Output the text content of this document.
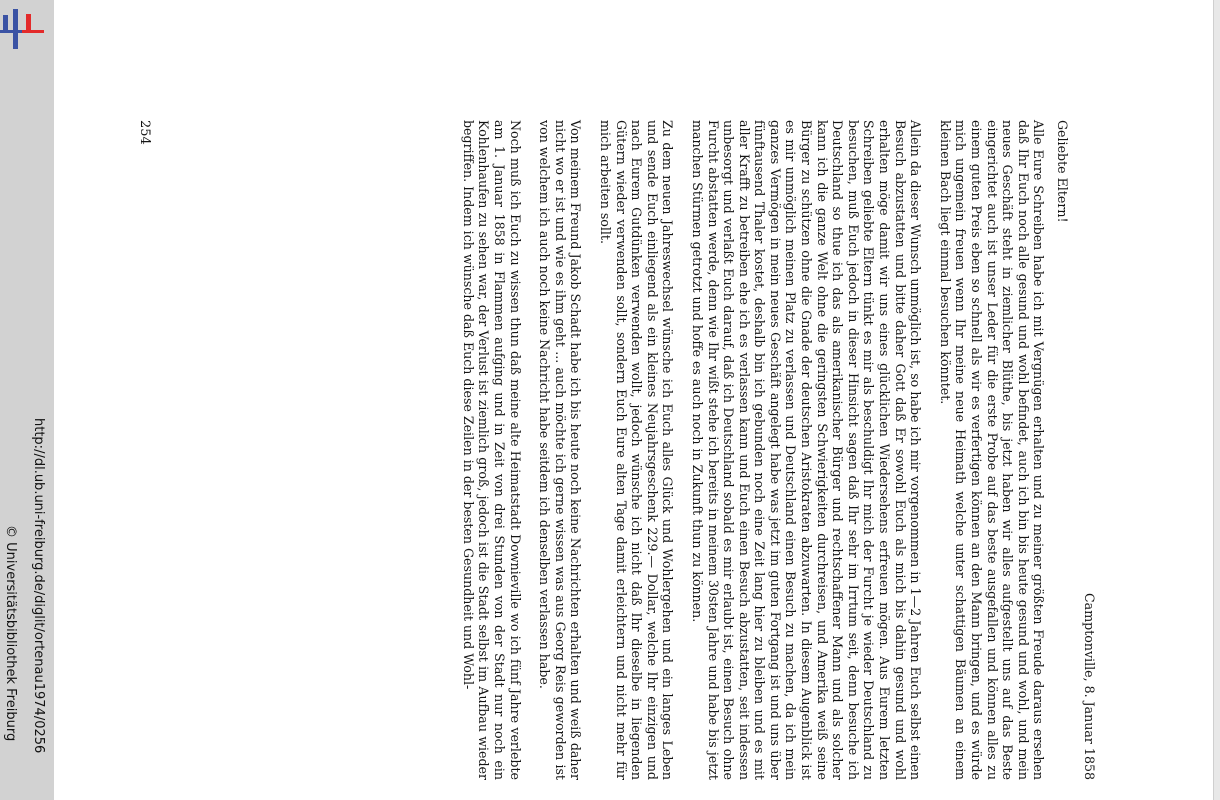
http://dl.ub.uni-freiburg.de/diglit/ortenau1974/0256
© Universitätsbibliothek Freiburg	Camptonville, 8. Januar 1858
Geliebte Eltern!

Alle Eure Schreiben habe ich mit Vergnügen erhalten und zu meiner größten Freude daraus ersehen daß Ihr Euch noch alle gesund und wohl befindet, auch ich bin bis heute gesund und wohl, und mein neues Geschäft steht in ziemlicher Blüthe, bis jetzt haben wir alles aufgestellt uns auf das Beste eingerichtet auch ist unser Leder für die erste Probe auf das beste ausgefallen und können alles zu einem guten Preis eben so schnell als wir es verfertigen können an den Mann bringen, und es würde mich ungemein freuen wenn Ihr meine neue Heimath welche unter schattigen Bäumen an einem kleinen Bach liegt einmal besuchen könntet.

Allein da dieser Wunsch unmöglich ist, so habe ich mir vorgenommen in 1—2 Jahren Euch selbst einen Besuch abzustatten und bitte daher Gott daß Er sowohl Euch als mich bis dahin gesund und wohl erhalten möge damit wir uns eines glücklichen Wiedersehens erfreuen mögen. Aus Eurem letzten Schreiben geliebte Eltern tünkt es mir als beschuldigt Ihr mich der Furcht je wieder Deutschland zu besuchen, muß Euch jedoch in dieser Hinsicht sagen daß Ihr sehr im Irrtum seit, denn besuche ich Deutschland so thue ich das als amerikanischer Bürger und rechtschaffener Mann und als solcher kann ich die ganze Welt ohne die geringsten Schwierigkeiten durchreisen, und Amerika weiß seine Bürger zu schützen ohne die Gnade der deutschen Aristokraten abzuwarten. In diesem Augenblick ist es mir unmöglich meinen Platz zu verlassen und Deutschland einen Besuch zu machen, da ich mein ganzes Vermögen in mein neues Geschäft angelegt habe was jetzt im guten Fortgang ist und uns über fünftausend Thaler kostet, deshalb bin ich gebunden noch eine Zeit lang hier zu bleiben und es mit aller Krafft zu betreiben ehe ich es verlassen kann und Euch einen Besuch abzustatten, seit indessen unbesorgt und verlaßt Euch darauf, daß ich Deutschland sobald es mir erlaubt ist, einen Besuch ohne Furcht abstatten werde, denn wie Ihr wißt stehe ich bereits in meinem 30sten Jahre und habe bis jetzt manchen Stürmen getrotzt und hoffe es auch noch in Zukunft thun zu können.

Zu dem neuen Jahreswechsel wünsche ich Euch alles Glück und Wohlergehen und ein langes Leben und sende Euch einliegend als ein kleines Neujahrsgeschenk 229.— Dollar, welche Ihr einzigen und nach Eurem Gutdünken verwenden wollt, jedoch wünsche ich nicht daß Ihr dieselbe in liegenden Gütern wieder verwenden sollt, sondern Euch Eure alten Tage damit erleichtern und nicht mehr für mich arbeiten sollt.

Von meinem Freund Jakob Schadt habe ich bis heute noch keine Nachrichten erhalten und weiß daher nicht wo er ist und wie es ihm geht ... auch möchte ich gerne wissen was aus Georg Reis geworden ist von welchem ich auch noch keine Nachricht habe seitdem ich denselben verlassen habe.

Noch muß ich Euch zu wissen thun daß meine alte Heimatstadt Downieville wo ich fünf Jahre verlebte am 1. Januar 1858 in Flammen aufging und in Zeit von drei Stunden von der Stadt nur noch ein Kohlenhaufen zu sehen war, der Verlust ist ziemlich groß, jedoch ist die Stadt selbst im Aufbau wieder begriffen. Indem ich wünsche daß Euch diese Zeilen in der besten Gesundheit und Wohl-

254
